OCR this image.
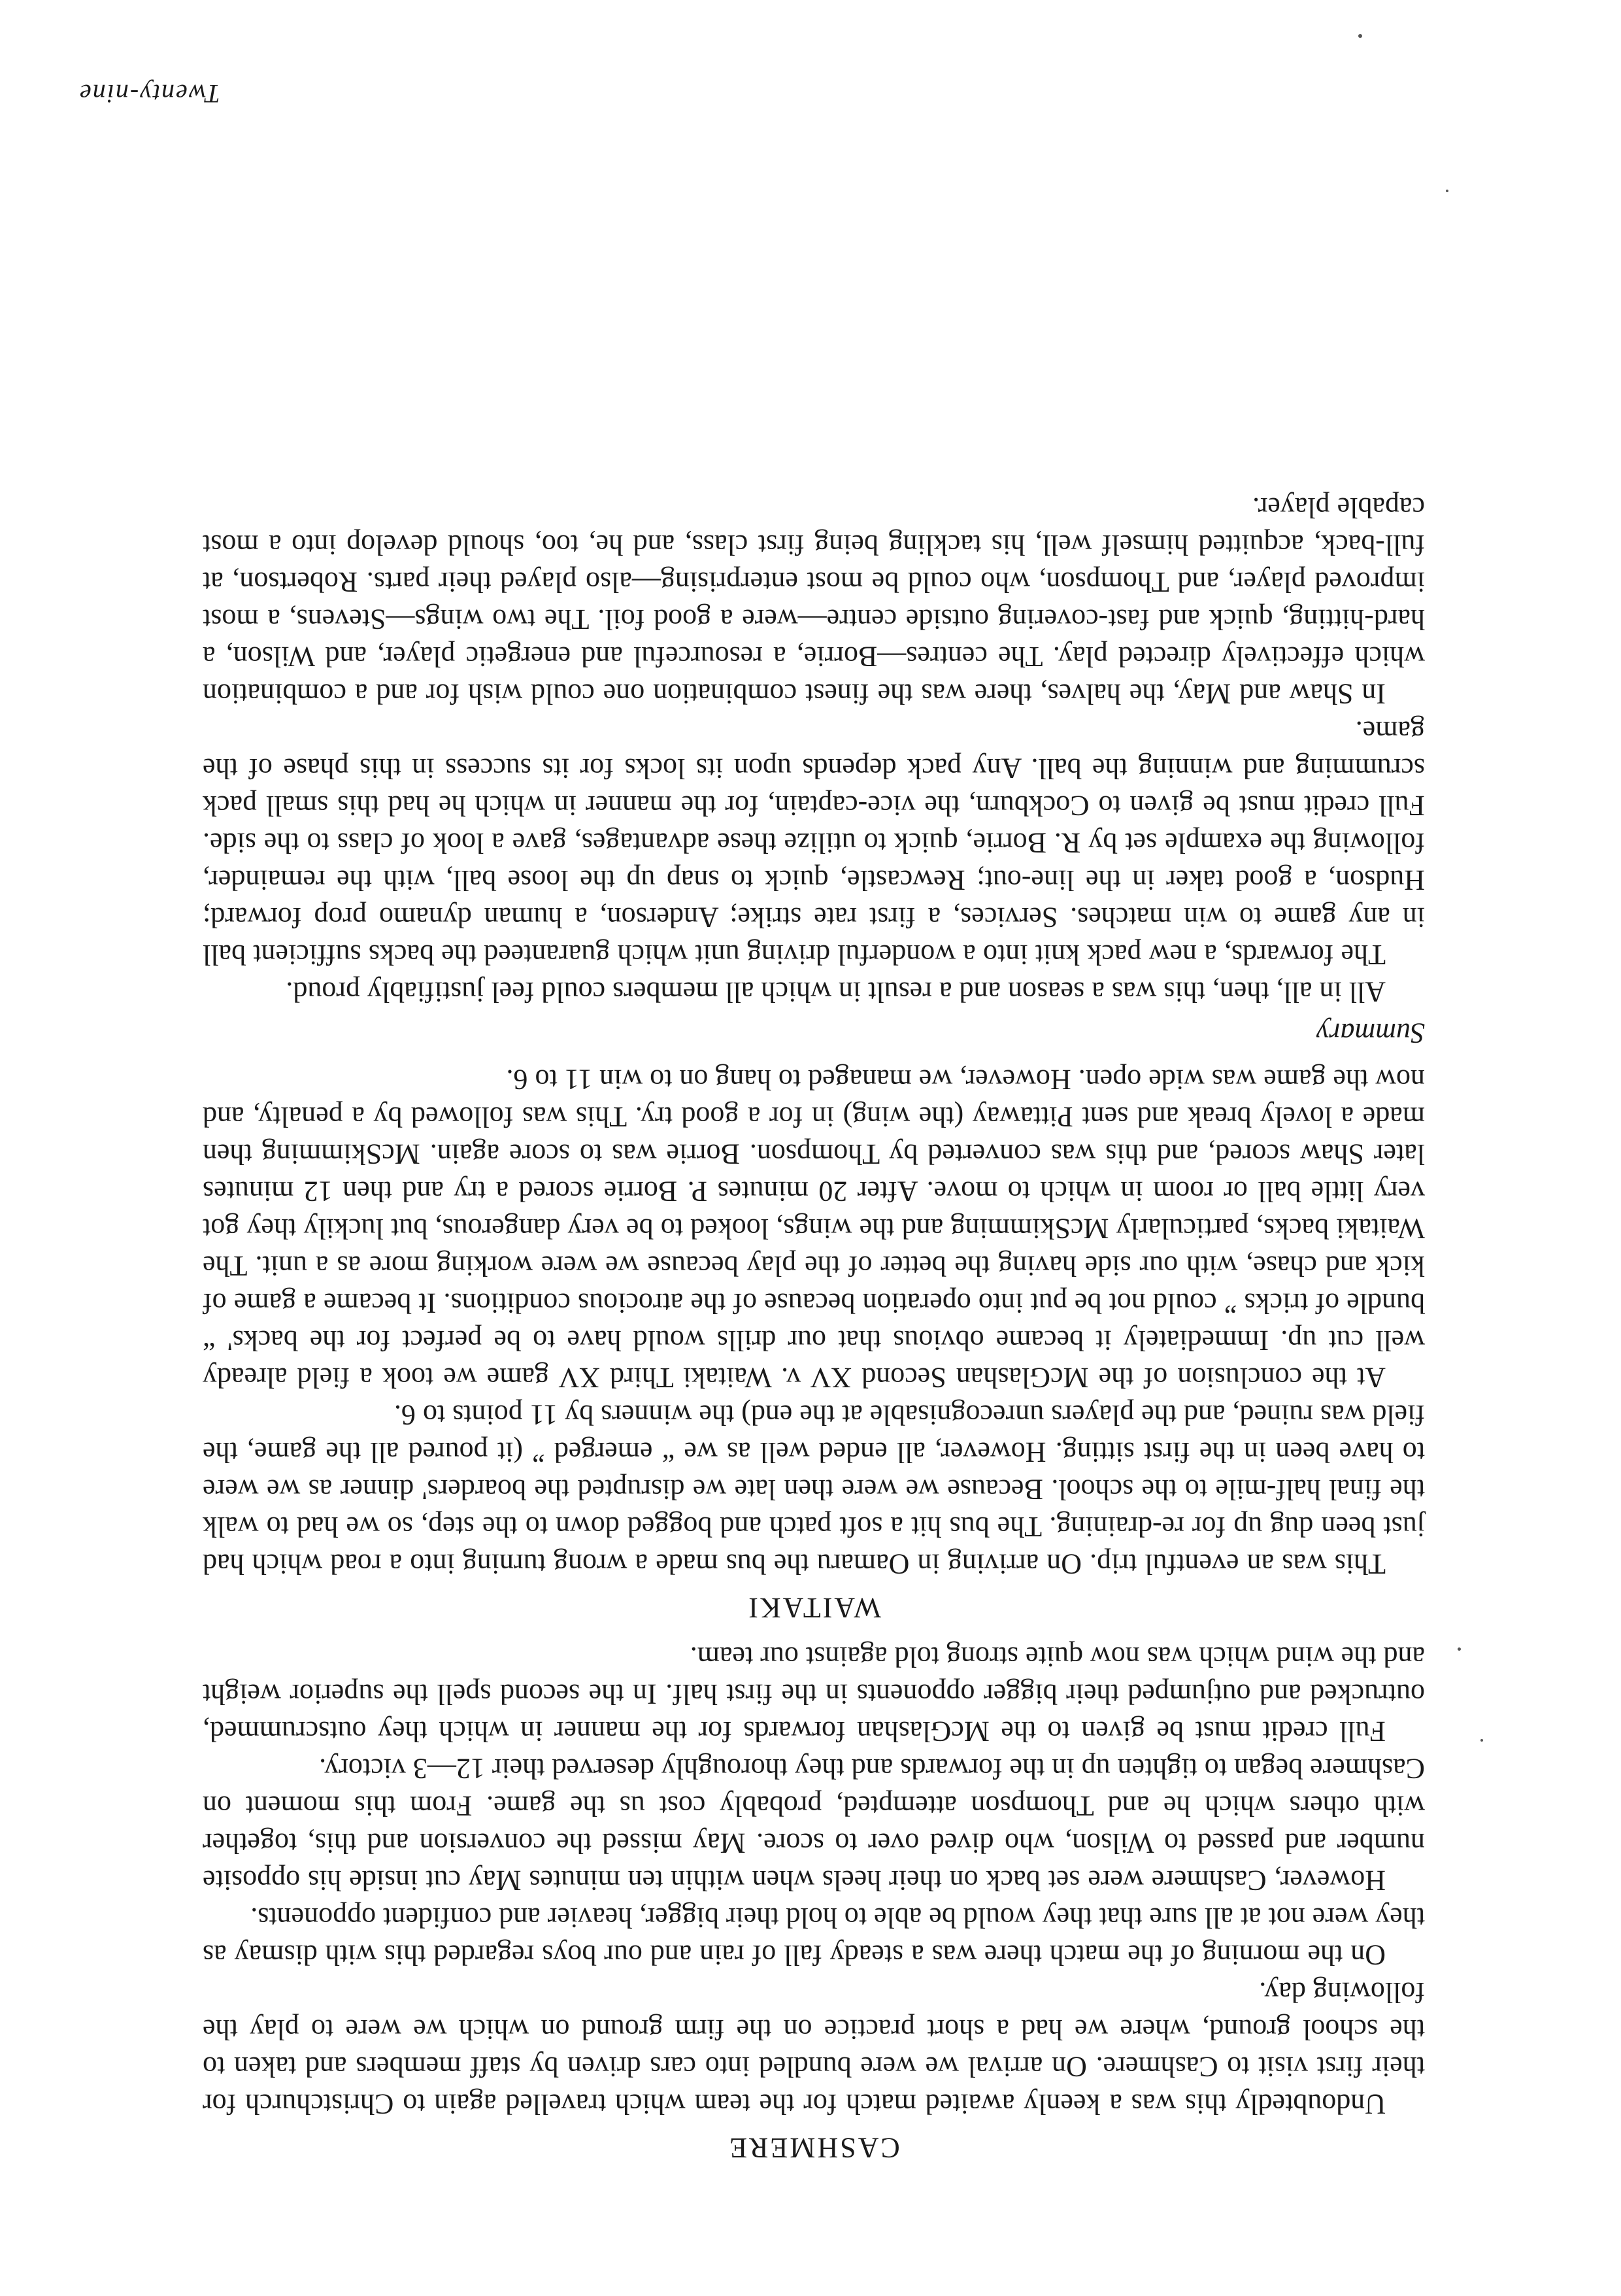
CASHMERE

Undoubtedly this was a keenly awaited match for the team which travelled again to Christchurch for their first visit to Cashmere. On arrival we were bundled into cars driven by staff members and taken to the school ground, where we had a short practice on the firm ground on which we were to play the following day.

On the morning of the match there was a steady fall of rain and our boys regarded this with dismay as they were not at all sure that they would be able to hold their bigger, heavier and confident opponents.

However, Cashmere were set back on their heels when within ten minutes May cut inside his opposite number and passed to Wilson, who dived over to score. May missed the conversion and this, together with others which he and Thompson attempted, probably cost us the game. From this moment on Cashmere began to tighten up in the forwards and they thoroughly deserved their 12—3 victory.

Full credit must be given to the McGlashan forwards for the manner in which they outscrummed, outrucked and outjumped their bigger opponents in the first half. In the second spell the superior weight and the wind which was now quite strong told against our team.

WAITAKI

This was an eventful trip. On arriving in Oamaru the bus made a wrong turning into a road which had just been dug up for re-draining. The bus hit a soft patch and bogged down to the step, so we had to walk the final half-mile to the school. Because we were then late we disrupted the boarders' dinner as we were to have been in the first sitting. However, all ended well as we “ emerged ” (it poured all the game, the field was ruined, and the players unrecognisable at the end) the winners by 11 points to 6.

At the conclusion of the McGlashan Second XV v. Waitaki Third XV game we took a field already well cut up. Immediately it became obvious that our drills would have to be perfect for the backs' “ bundle of tricks ” could not be put into operation because of the atrocious conditions. It became a game of kick and chase, with our side having the better of the play because we were working more as a unit. The Waitaki backs, particularly McSkimming and the wings, looked to be very dangerous, but luckily they got very little ball or room in which to move. After 20 minutes P. Borrie scored a try and then 12 minutes later Shaw scored, and this was converted by Thompson. Borrie was to score again. McSkimming then made a lovely break and sent Pittaway (the wing) in for a good try. This was followed by a penalty, and now the game was wide open. However, we managed to hang on to win 11 to 6.

Summary

All in all, then, this was a season and a result in which all members could feel justifiably proud.

The forwards, a new pack knit into a wonderful driving unit which guaranteed the backs sufficient ball in any game to win matches. Services, a first rate strike; Anderson, a human dynamo prop forward; Hudson, a good taker in the line-out; Rewcastle, quick to snap up the loose ball, with the remainder, following the example set by R. Borrie, quick to utilize these advantages, gave a look of class to the side. Full credit must be given to Cockburn, the vice-captain, for the manner in which he had this small pack scrumming and winning the ball. Any pack depends upon its locks for its success in this phase of the game.

In Shaw and May, the halves, there was the finest combination one could wish for and a combination which effectively directed play. The centres—Borrie, a resourceful and energetic player, and Wilson, a hard-hitting, quick and fast-covering outside centre—were a good foil. The two wings—Stevens, a most improved player, and Thompson, who could be most enterprising—also played their parts. Robertson, at full-back, acquitted himself well, his tackling being first class, and he, too, should develop into a most capable player.

Twenty-nine
